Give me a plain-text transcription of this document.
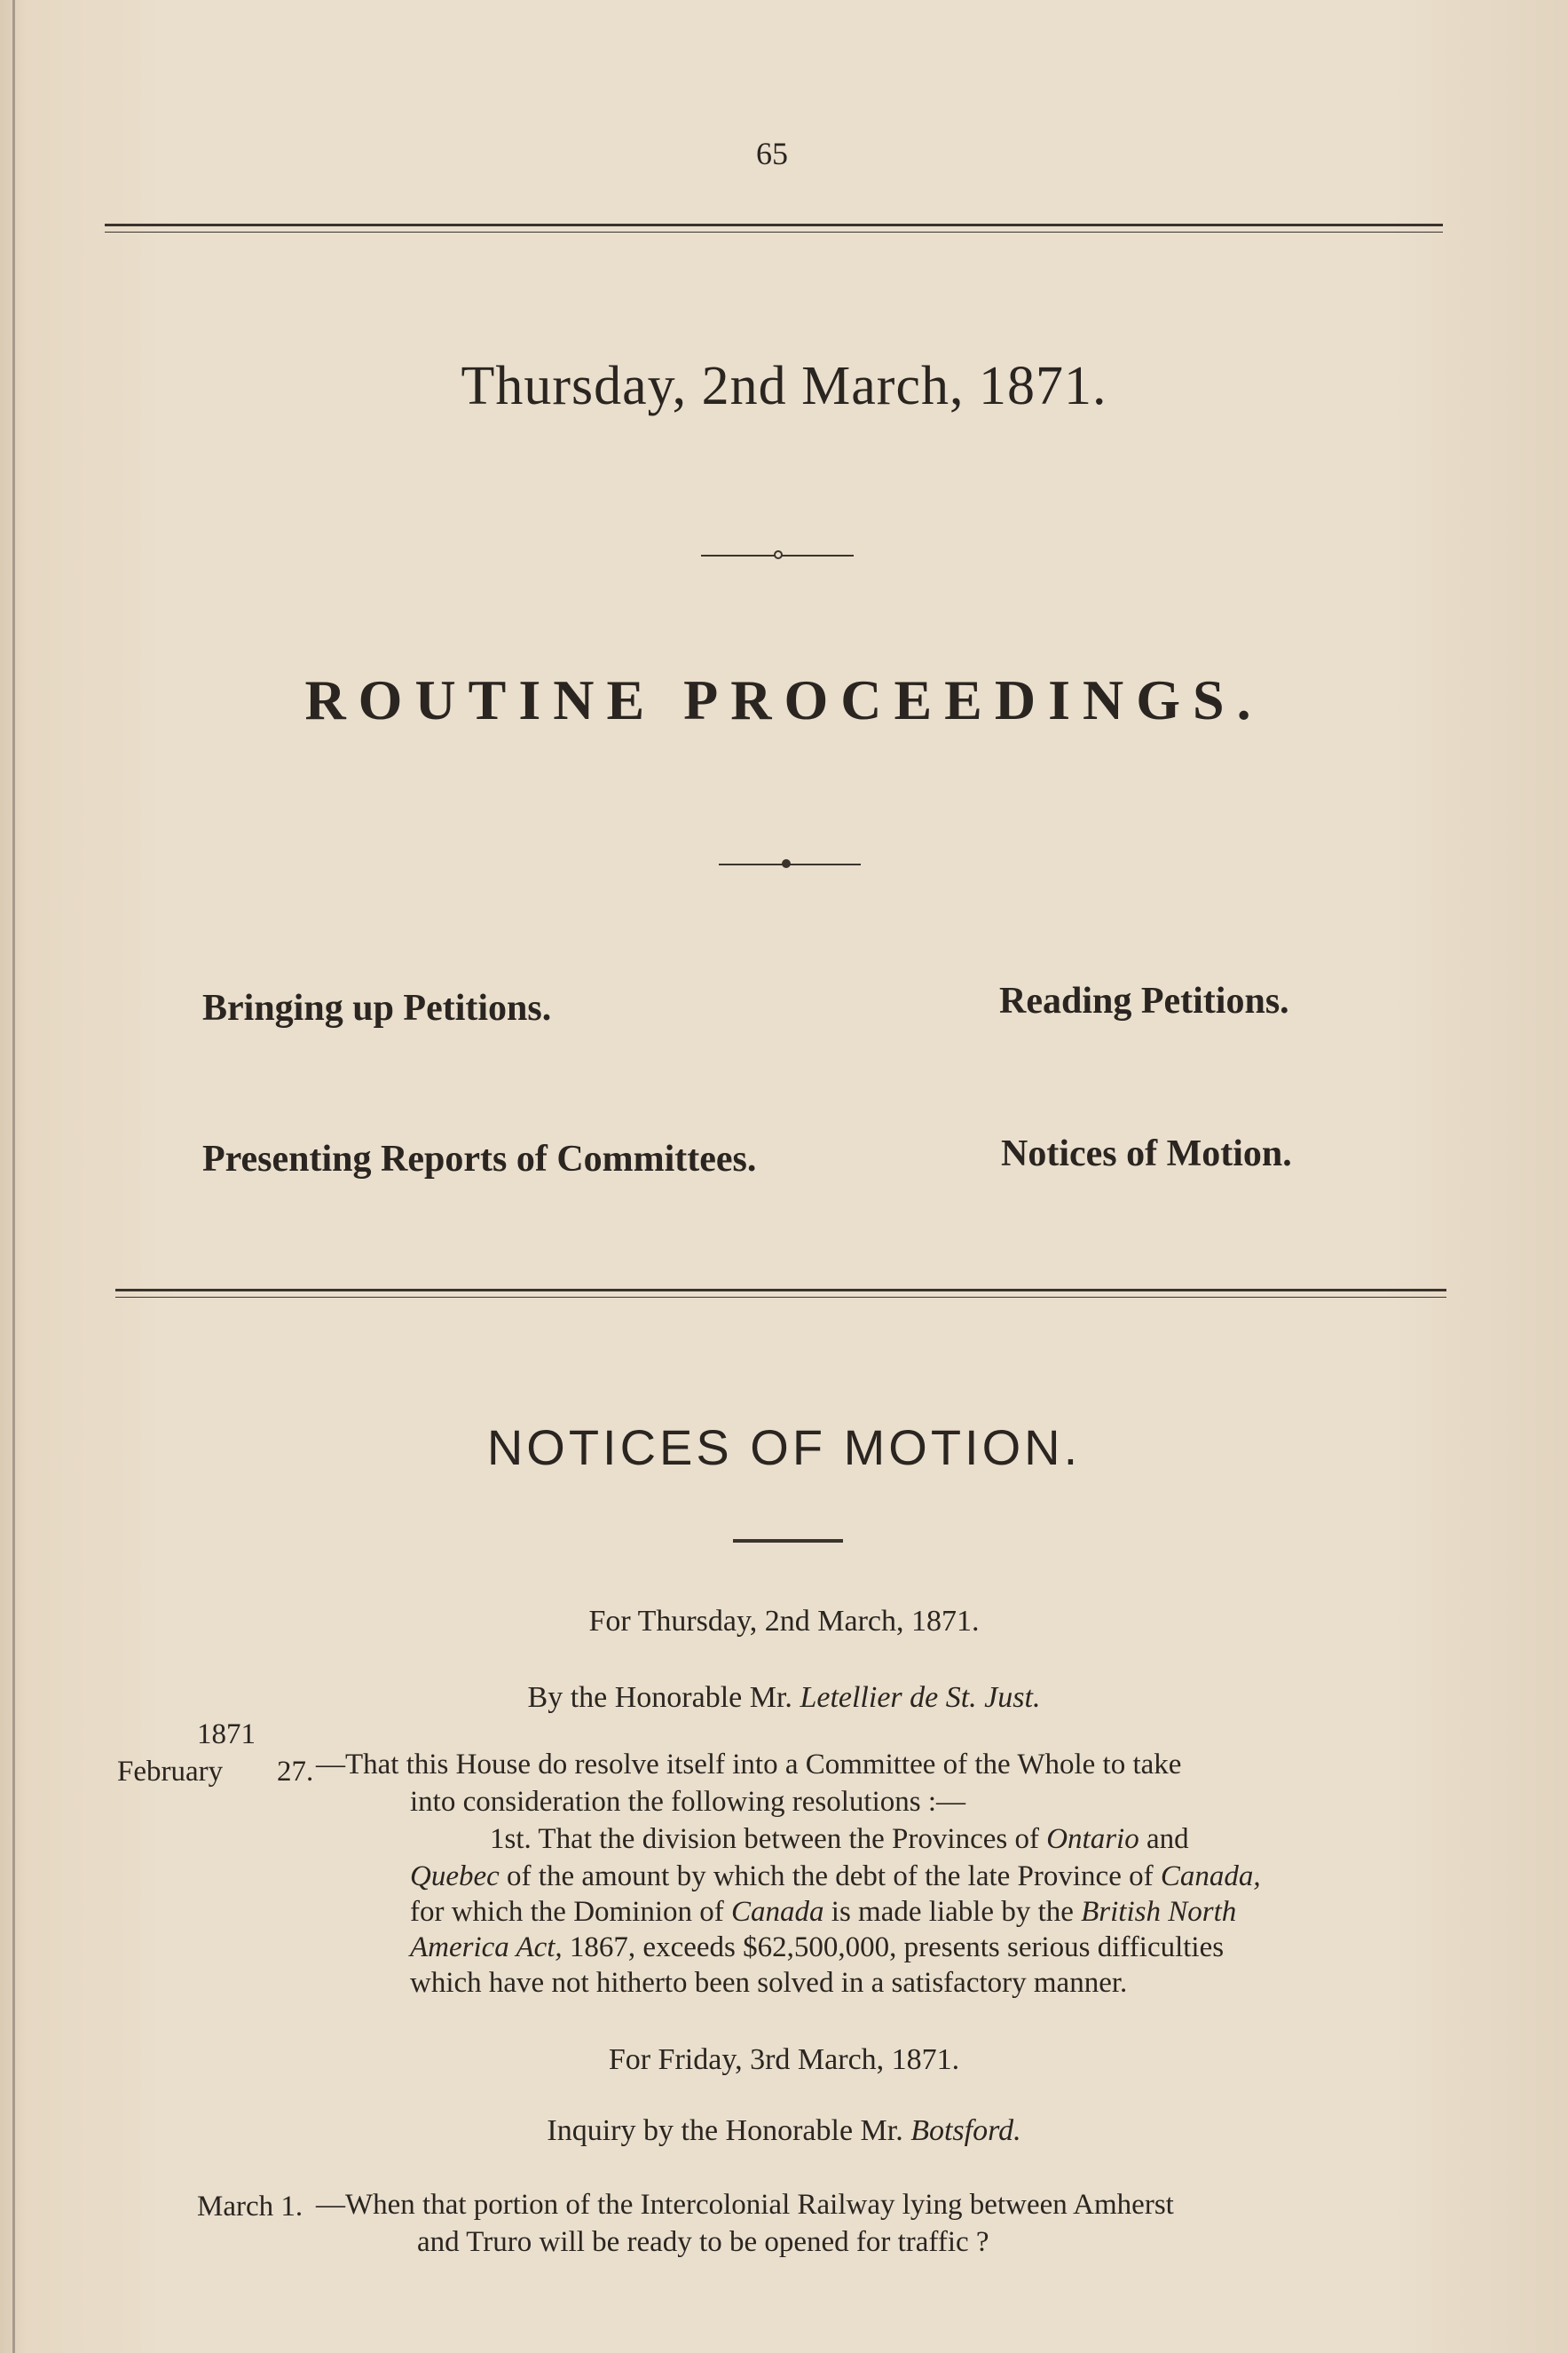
65
Thursday, 2nd March, 1871.
ROUTINE PROCEEDINGS.
Bringing up Petitions.	Reading Petitions.
Presenting Reports of Committees.	Notices of Motion.
NOTICES OF MOTION.
For Thursday, 2nd March, 1871.
By the Honorable Mr. Letellier de St. Just.
1871
February 27. —That this House do resolve itself into a Committee of the Whole to take
into consideration the following resolutions :—
1st. That the division between the Provinces of Ontario and
Quebec of the amount by which the debt of the late Province of Canada,
for which the Dominion of Canada is made liable by the British North
America Act, 1867, exceeds $62,500,000, presents serious difficulties
which have not hitherto been solved in a satisfactory manner.
For Friday, 3rd March, 1871.
Inquiry by the Honorable Mr. Botsford.
March 1. —When that portion of the Intercolonial Railway lying between Amherst
and Truro will be ready to be opened for traffic ?
